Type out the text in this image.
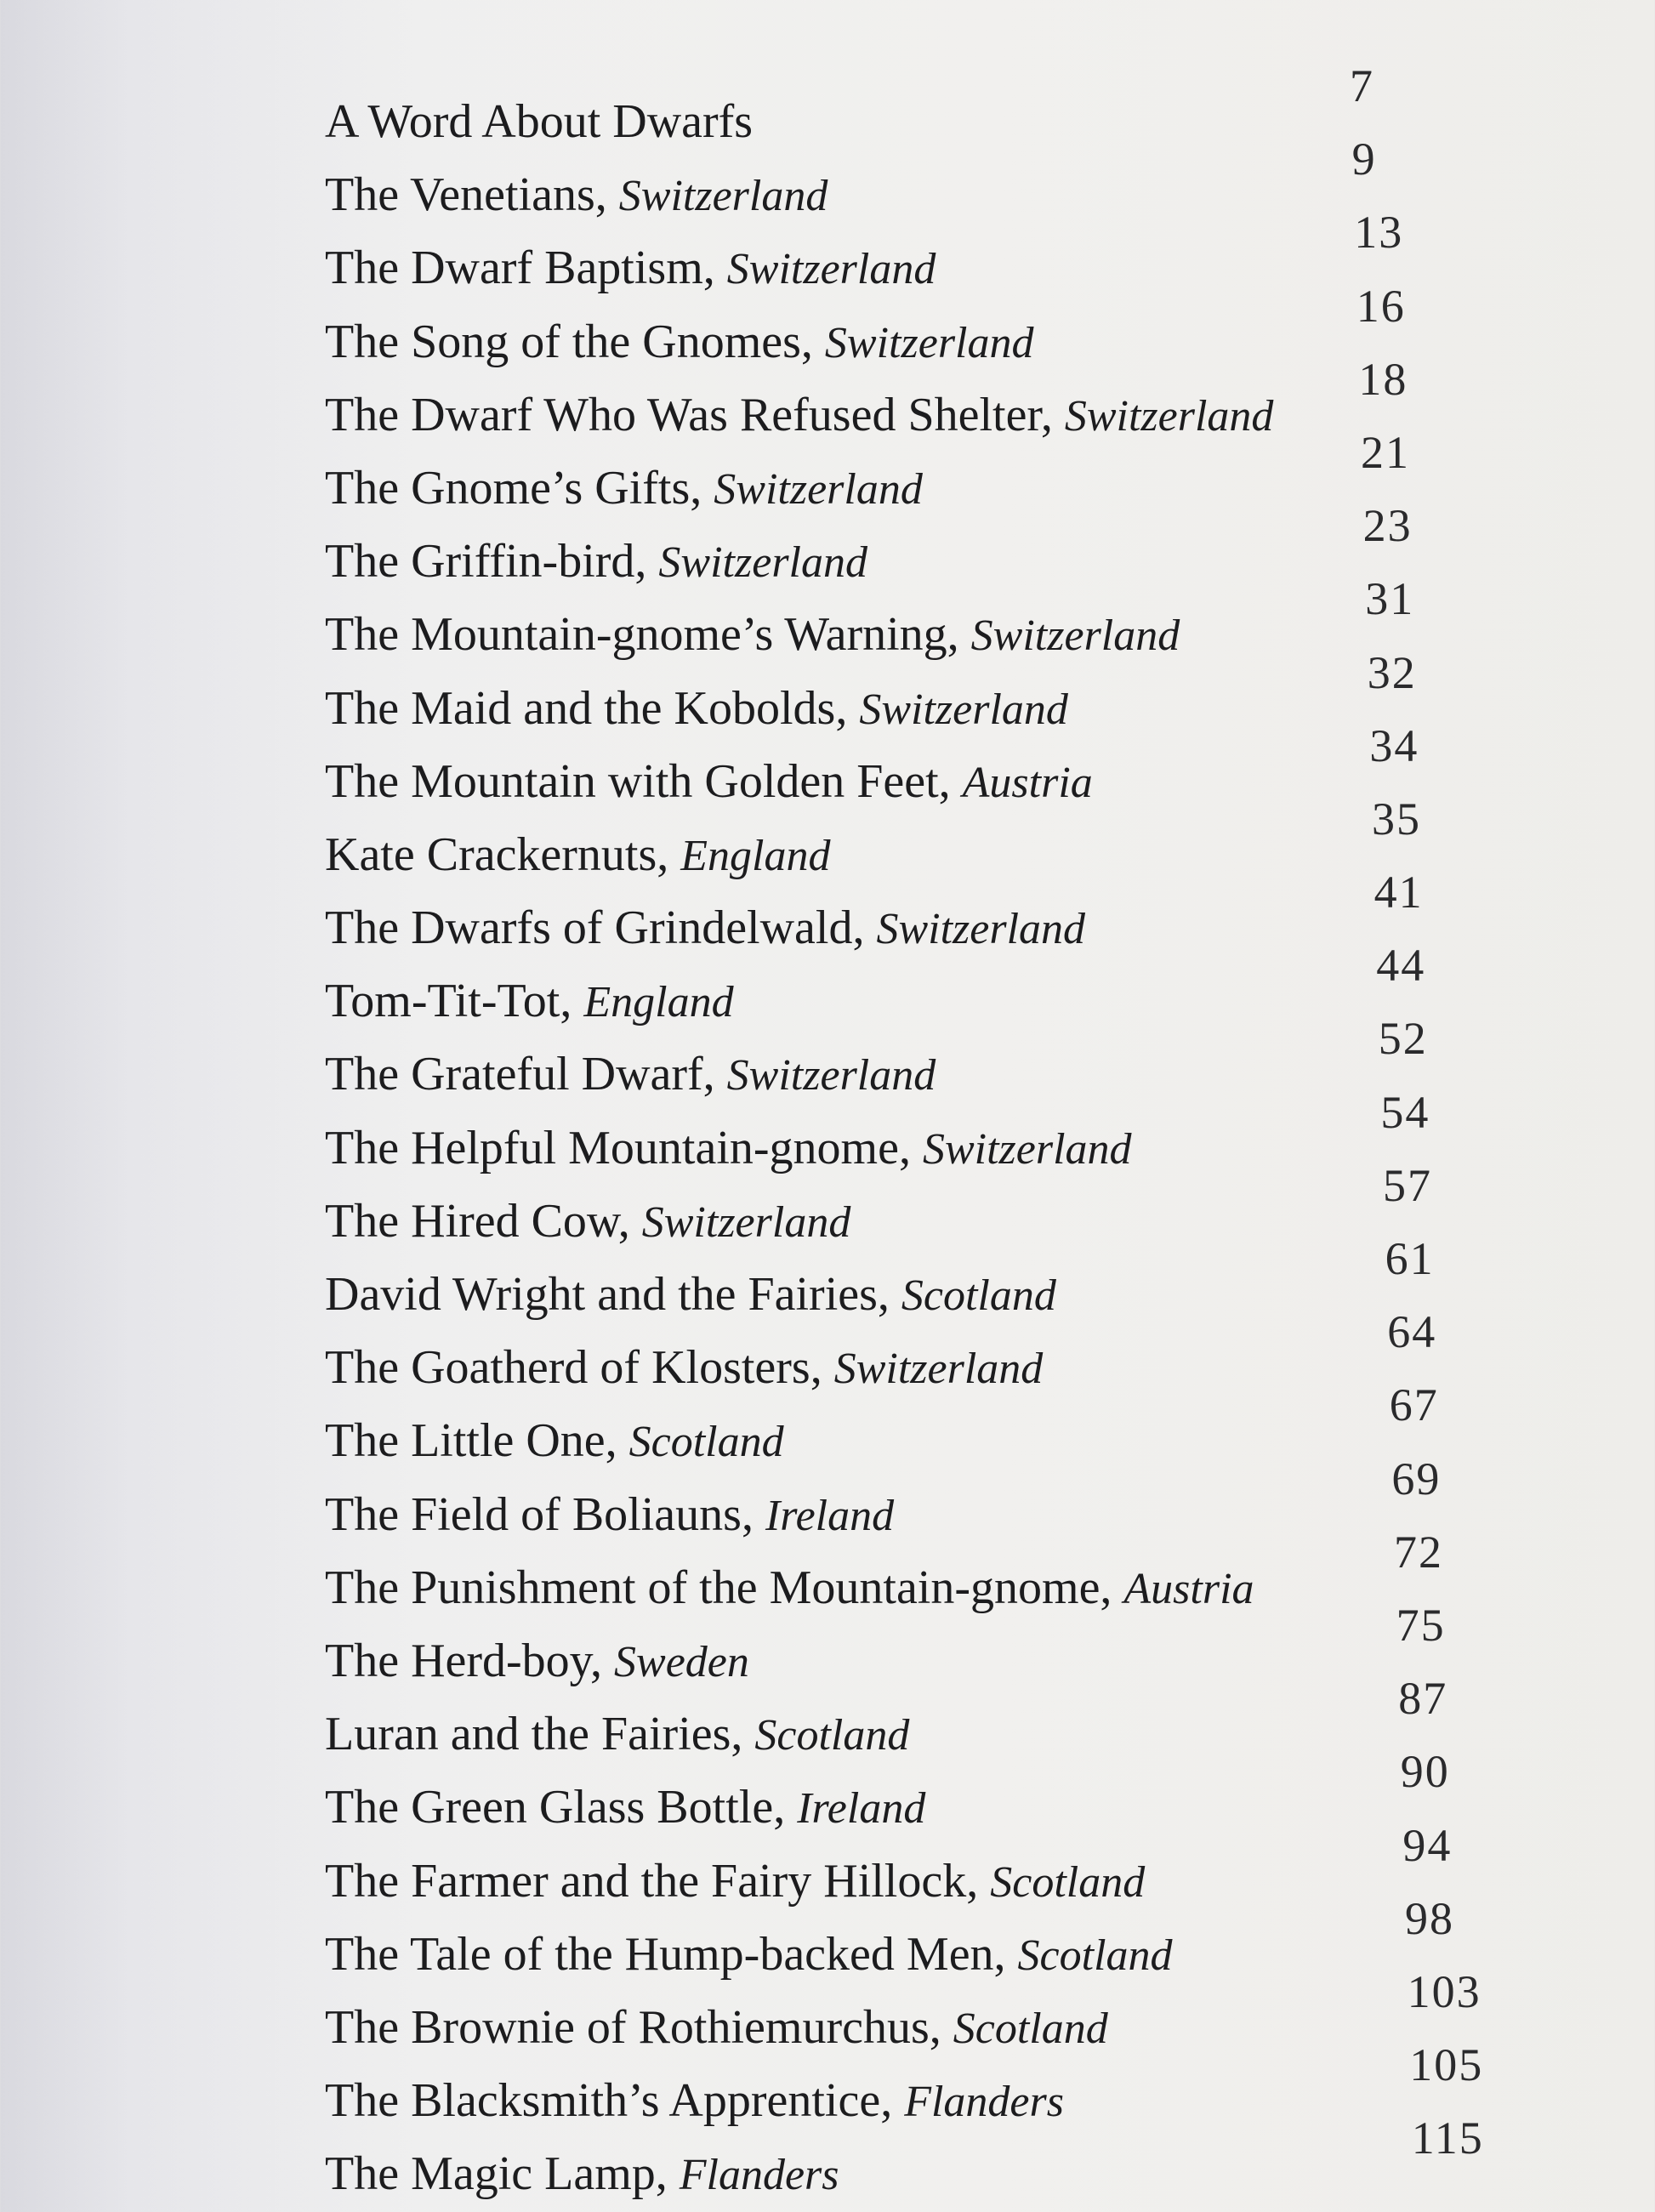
A Word About Dwarfs
7
The Venetians, Switzerland
9
The Dwarf Baptism, Switzerland
13
The Song of the Gnomes, Switzerland
16
The Dwarf Who Was Refused Shelter, Switzerland
18
The Gnome’s Gifts, Switzerland
21
The Griffin-bird, Switzerland
23
The Mountain-gnome’s Warning, Switzerland
31
The Maid and the Kobolds, Switzerland
32
The Mountain with Golden Feet, Austria
34
Kate Crackernuts, England
35
The Dwarfs of Grindelwald, Switzerland
41
Tom-Tit-Tot, England
44
The Grateful Dwarf, Switzerland
52
The Helpful Mountain-gnome, Switzerland
54
The Hired Cow, Switzerland
57
David Wright and the Fairies, Scotland
61
The Goatherd of Klosters, Switzerland
64
The Little One, Scotland
67
The Field of Boliauns, Ireland
69
The Punishment of the Mountain-gnome, Austria
72
The Herd-boy, Sweden
75
Luran and the Fairies, Scotland
87
The Green Glass Bottle, Ireland
90
The Farmer and the Fairy Hillock, Scotland
94
The Tale of the Hump-backed Men, Scotland
98
The Brownie of Rothiemurchus, Scotland
103
The Blacksmith’s Apprentice, Flanders
105
The Magic Lamp, Flanders
115
